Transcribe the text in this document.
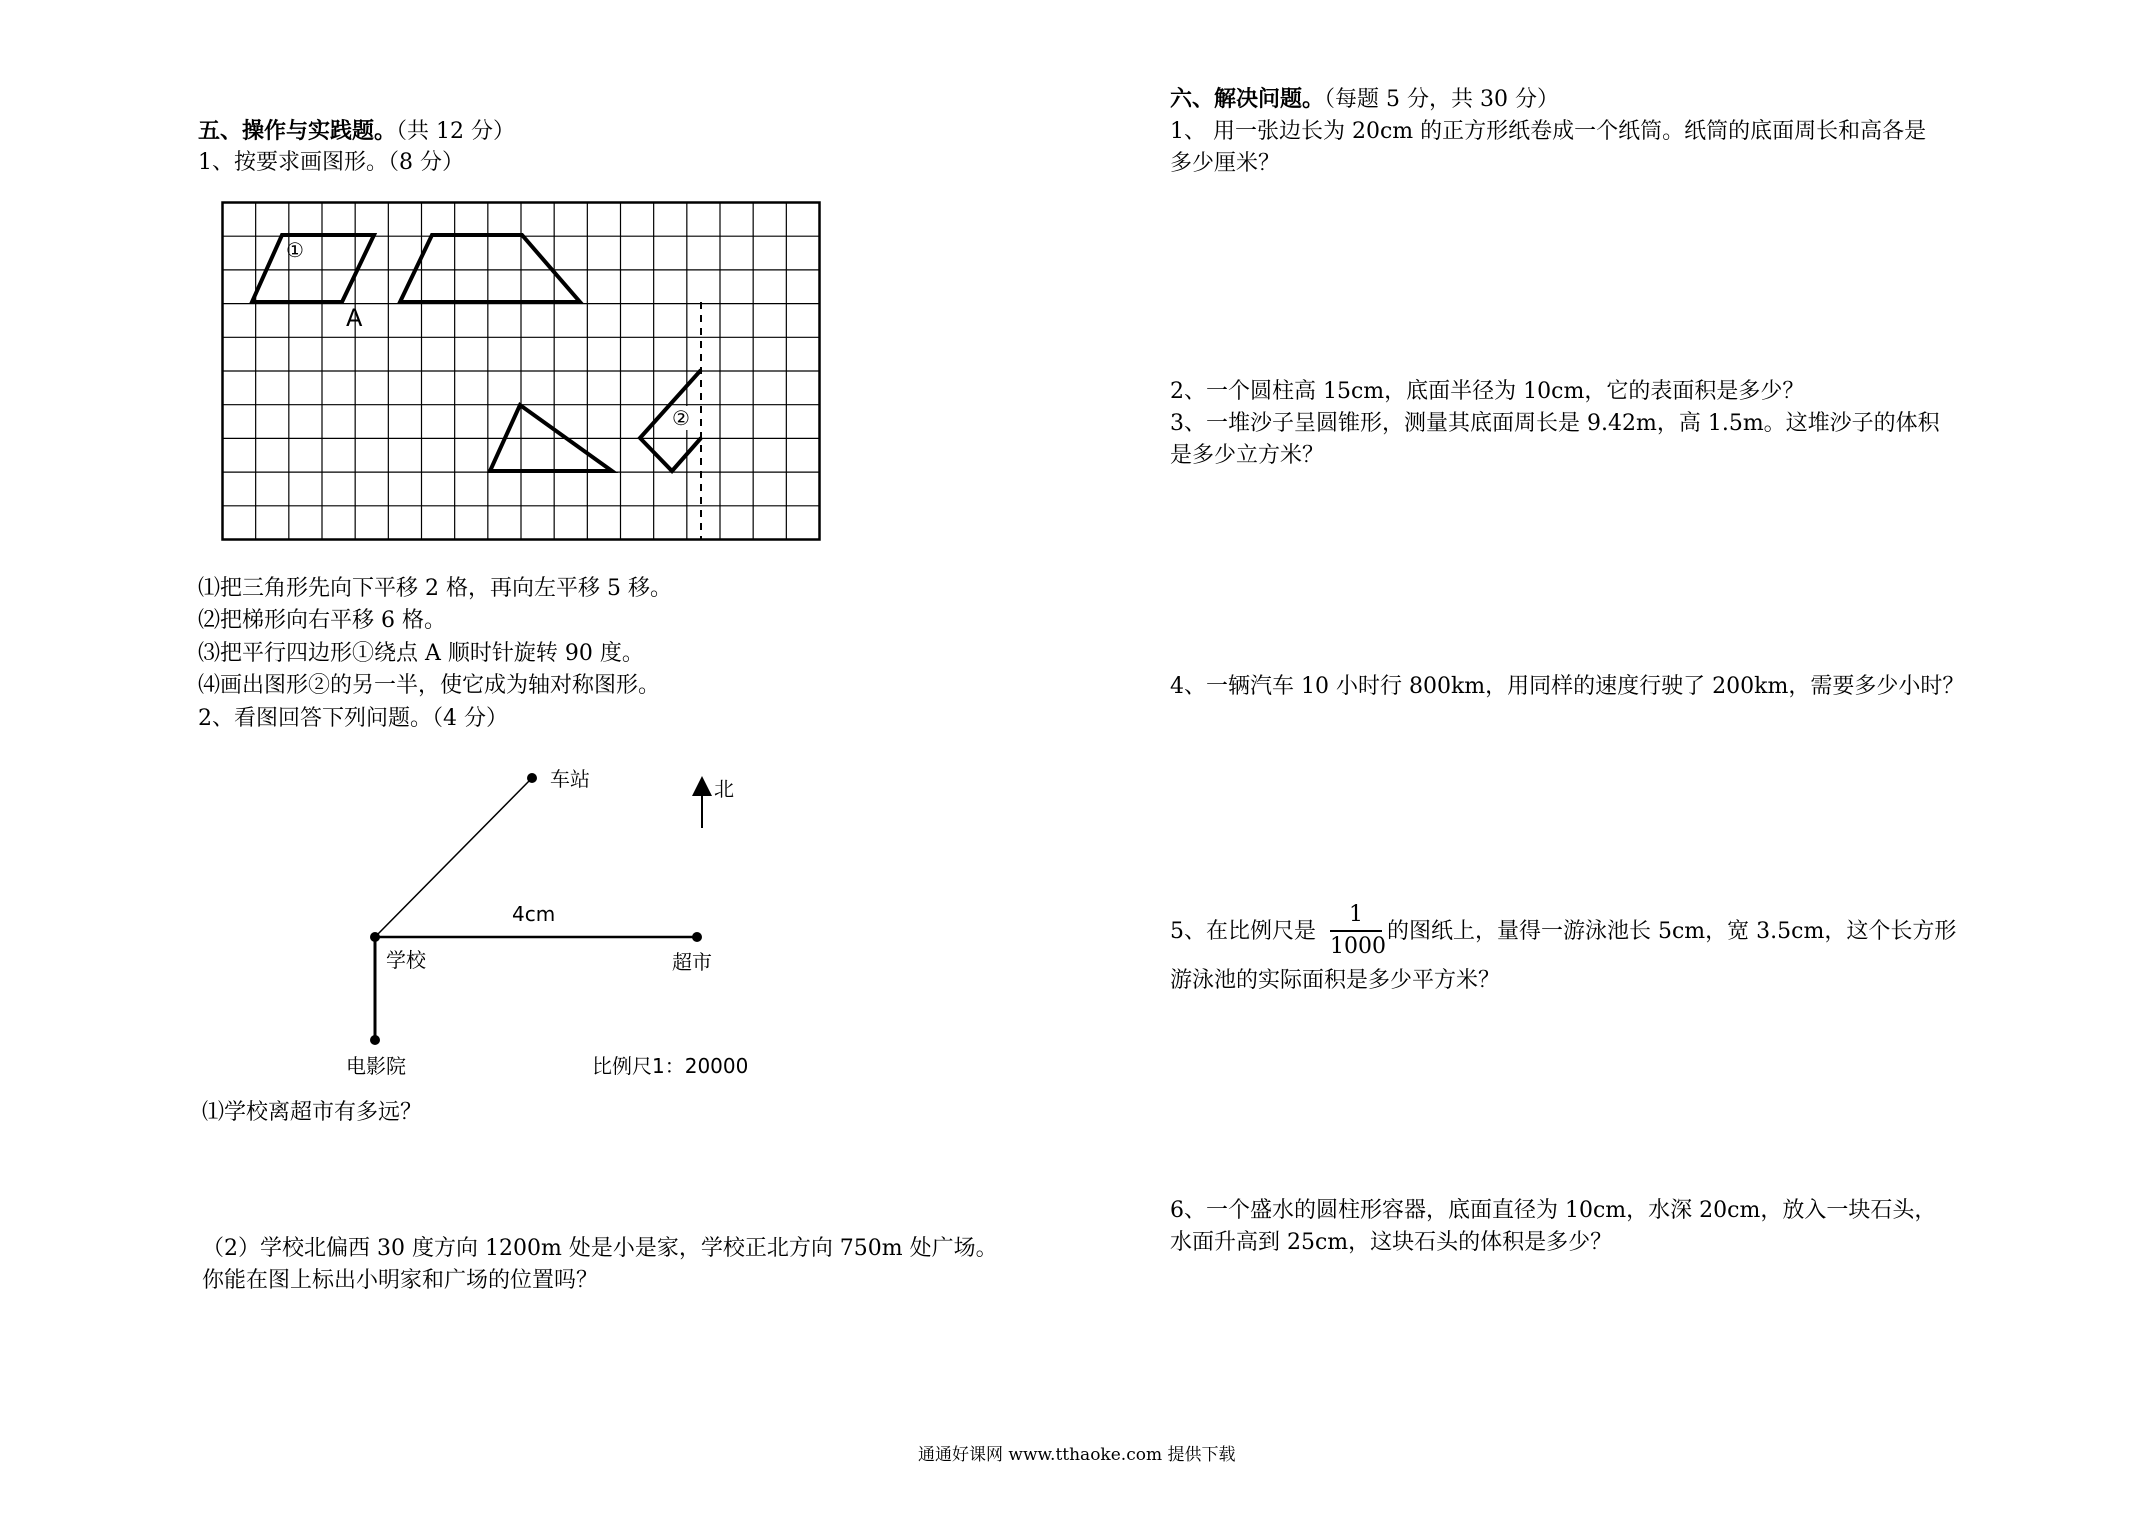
五、操作与实践题。（共 12 分）
1、按要求画图形。（8 分）
①
②
A
⑴把三角形先向下平移 2 格，再向左平移 5 移。
⑵把梯形向右平移 6 格。
⑶把平行四边形①绕点 A 顺时针旋转 90 度。
⑷画出图形②的另一半，使它成为轴对称图形。
2、看图回答下列问题。（4 分）
车站	北
4cm
学校	超市
电影院	比例尺1：20000
⑴学校离超市有多远？
（2）学校北偏西 30 度方向 1200m 处是小是家，学校正北方向 750m 处广场。
你能在图上标出小明家和广场的位置吗？
六、解决问题。（每题 5 分，共 30 分）
1、 用一张边长为 20cm 的正方形纸卷成一个纸筒。纸筒的底面周长和高各是
多少厘米？
2、一个圆柱高 15cm，底面半径为 10cm，它的表面积是多少？
3、一堆沙子呈圆锥形，测量其底面周长是 9.42m，高 1.5m。这堆沙子的体积
是多少立方米？
4、一辆汽车 10 小时行 800km，用同样的速度行驶了 200km，需要多少小时？
5、在比例尺是
1
1000
的图纸上，量得一游泳池长 5cm，宽 3.5cm，这个长方形
游泳池的实际面积是多少平方米？
6、一个盛水的圆柱形容器，底面直径为 10cm，水深 20cm，放入一块石头，
水面升高到 25cm，这块石头的体积是多少？
通通好课网 www.tthaoke.com 提供下载
